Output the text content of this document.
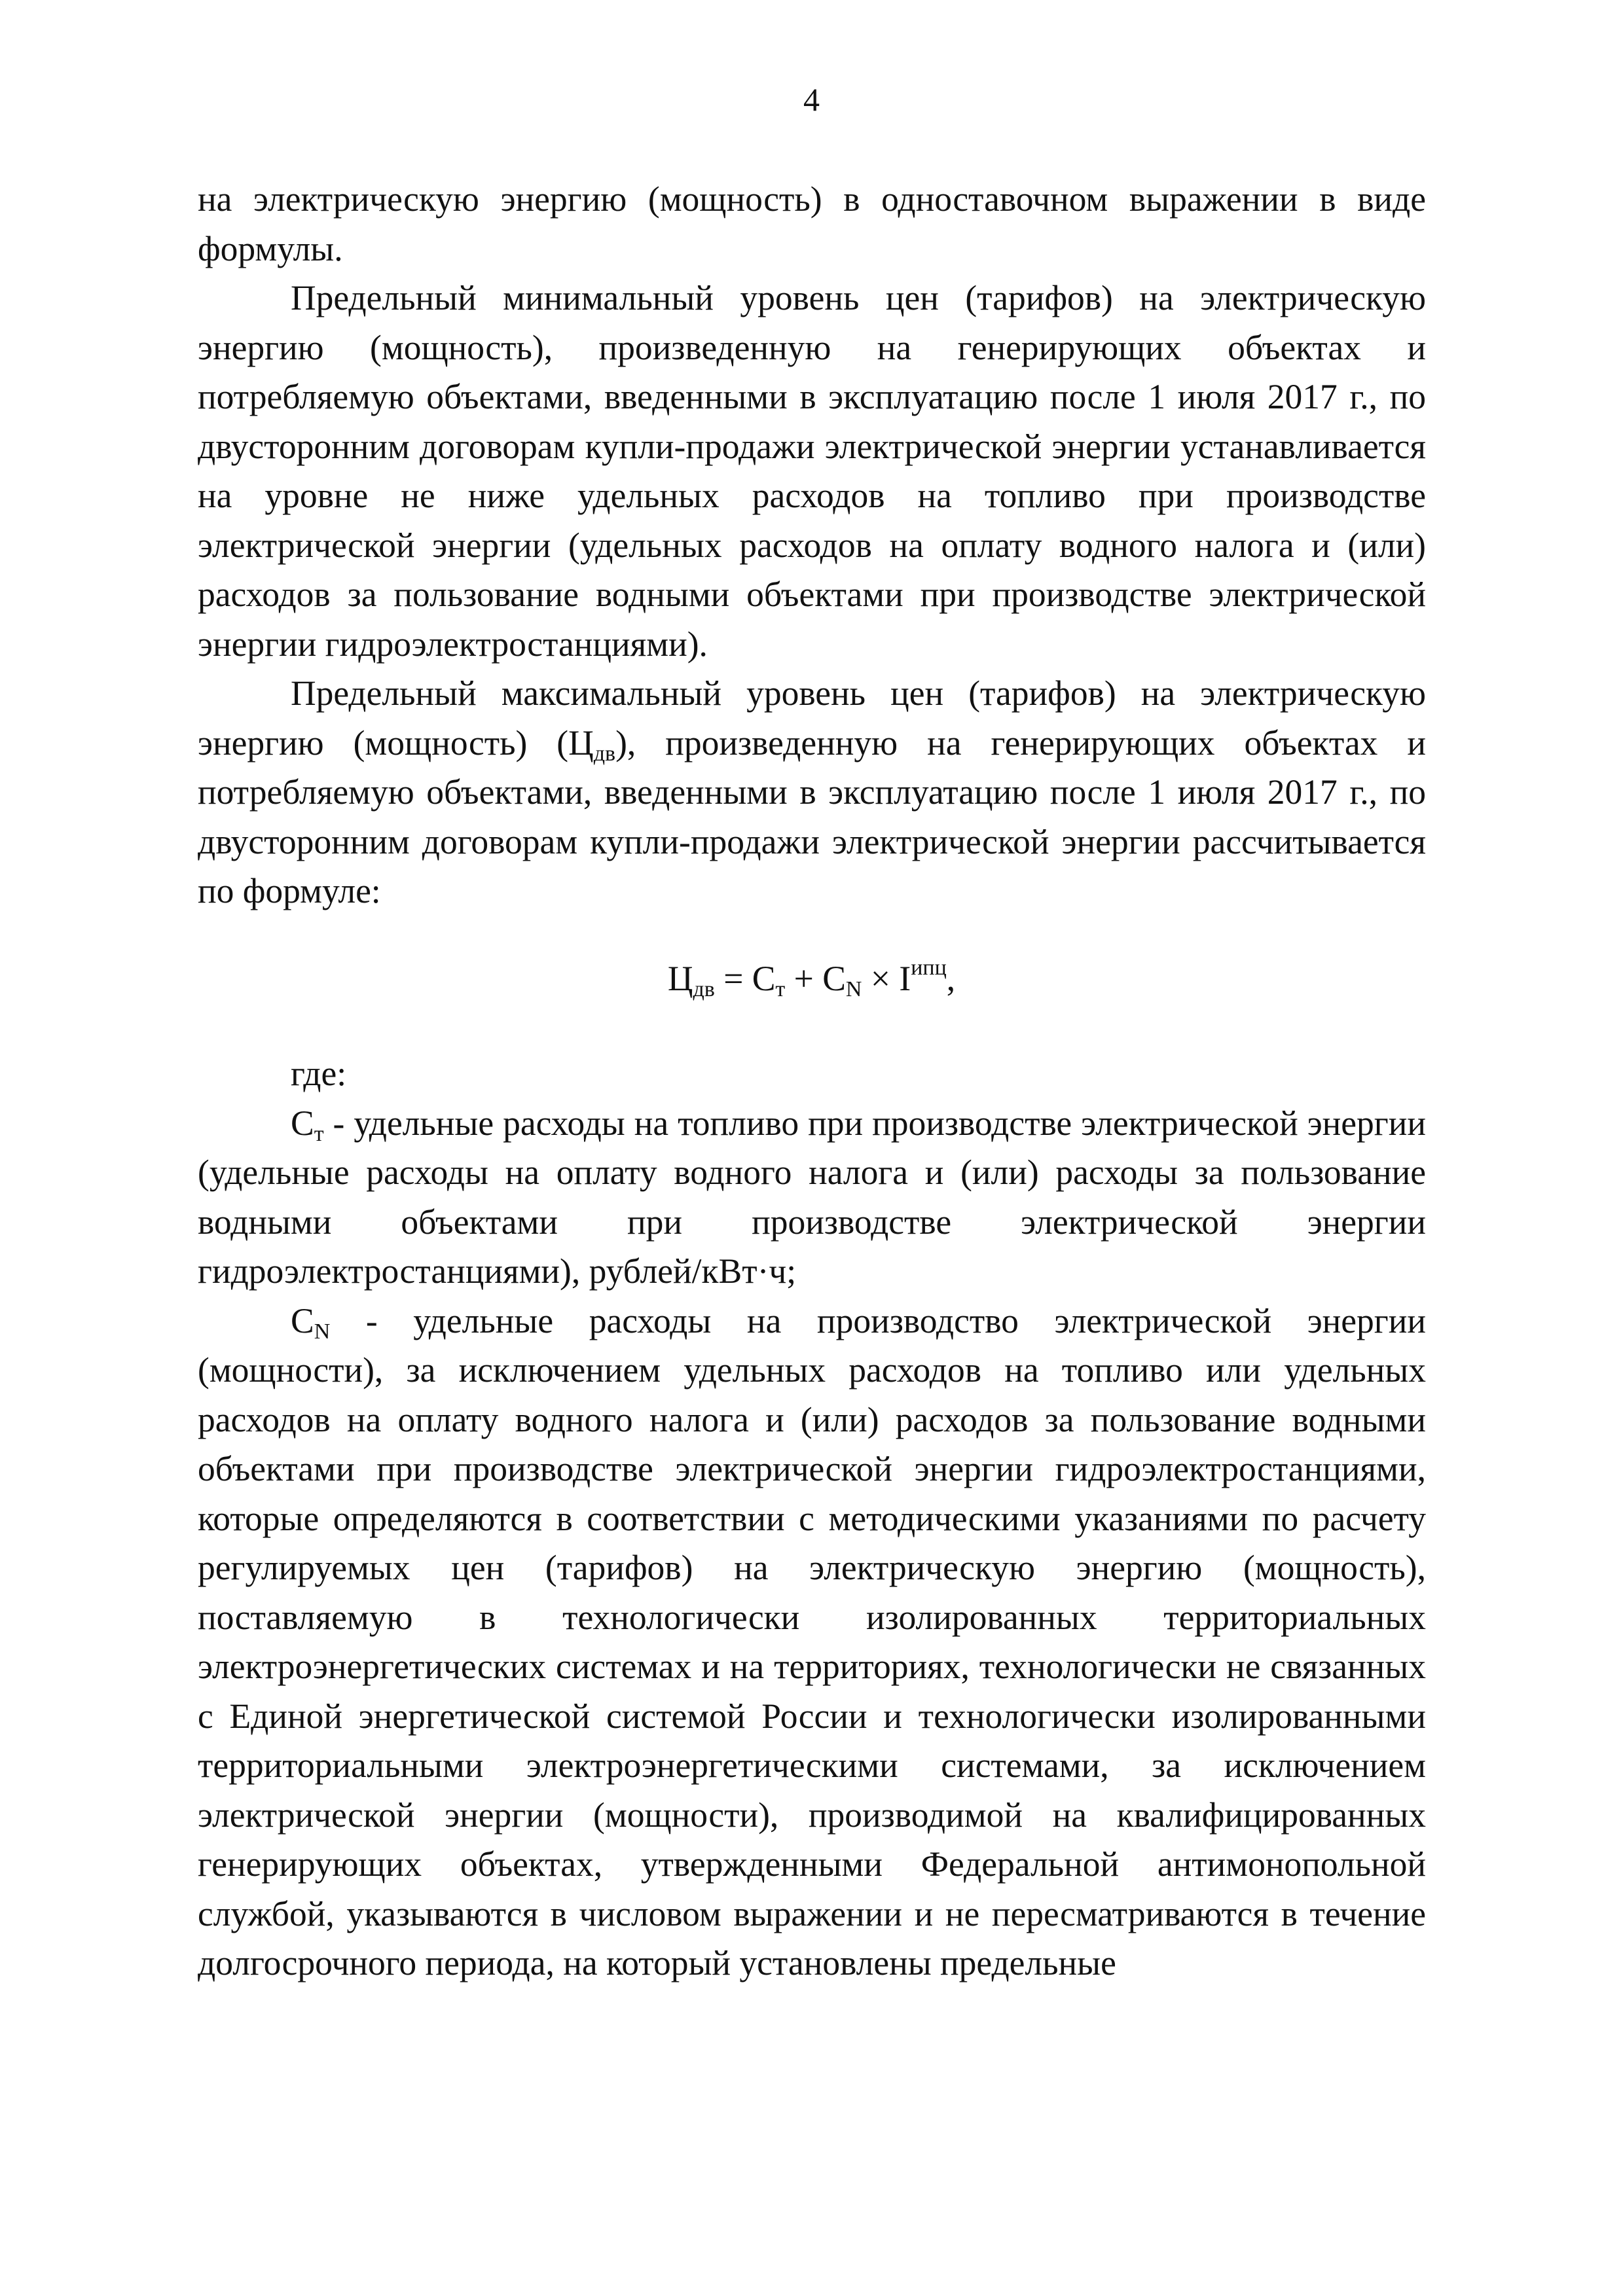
4

на электрическую энергию (мощность) в одноставочном выражении в виде формулы.

Предельный минимальный уровень цен (тарифов) на электрическую энергию (мощность), произведенную на генерирующих объектах и потребляемую объектами, введенными в эксплуатацию после 1 июля 2017 г., по двусторонним договорам купли-продажи электрической энергии устанавливается на уровне не ниже удельных расходов на топливо при производстве электрической энергии (удельных расходов на оплату водного налога и (или) расходов за пользование водными объектами при производстве электрической энергии гидроэлектростанциями).

Предельный максимальный уровень цен (тарифов) на электрическую энергию (мощность) $(Ц_{дв})$, произведенную на генерирующих объектах и потребляемую объектами, введенными в эксплуатацию после 1 июля 2017 г., по двусторонним договорам купли-продажи электрической энергии рассчитывается по формуле:

$Ц_{дв} = С_т + С_N \times I^{ипц}$,

где:

$С_т$ - удельные расходы на топливо при производстве электрической энергии (удельные расходы на оплату водного налога и (или) расходы за пользование водными объектами при производстве электрической энергии гидроэлектростанциями), рублей/кВт·ч;

$С_N$ - удельные расходы на производство электрической энергии (мощности), за исключением удельных расходов на топливо или удельных расходов на оплату водного налога и (или) расходов за пользование водными объектами при производстве электрической энергии гидроэлектростанциями, которые определяются в соответствии с методическими указаниями по расчету регулируемых цен (тарифов) на электрическую энергию (мощность), поставляемую в технологически изолированных территориальных электроэнергетических системах и на территориях, технологически не связанных с Единой энергетической системой России и технологически изолированными территориальными электроэнергетическими системами, за исключением электрической энергии (мощности), производимой на квалифицированных генерирующих объектах, утвержденными Федеральной антимонопольной службой, указываются в числовом выражении и не пересматриваются в течение долгосрочного периода, на который установлены предельные
